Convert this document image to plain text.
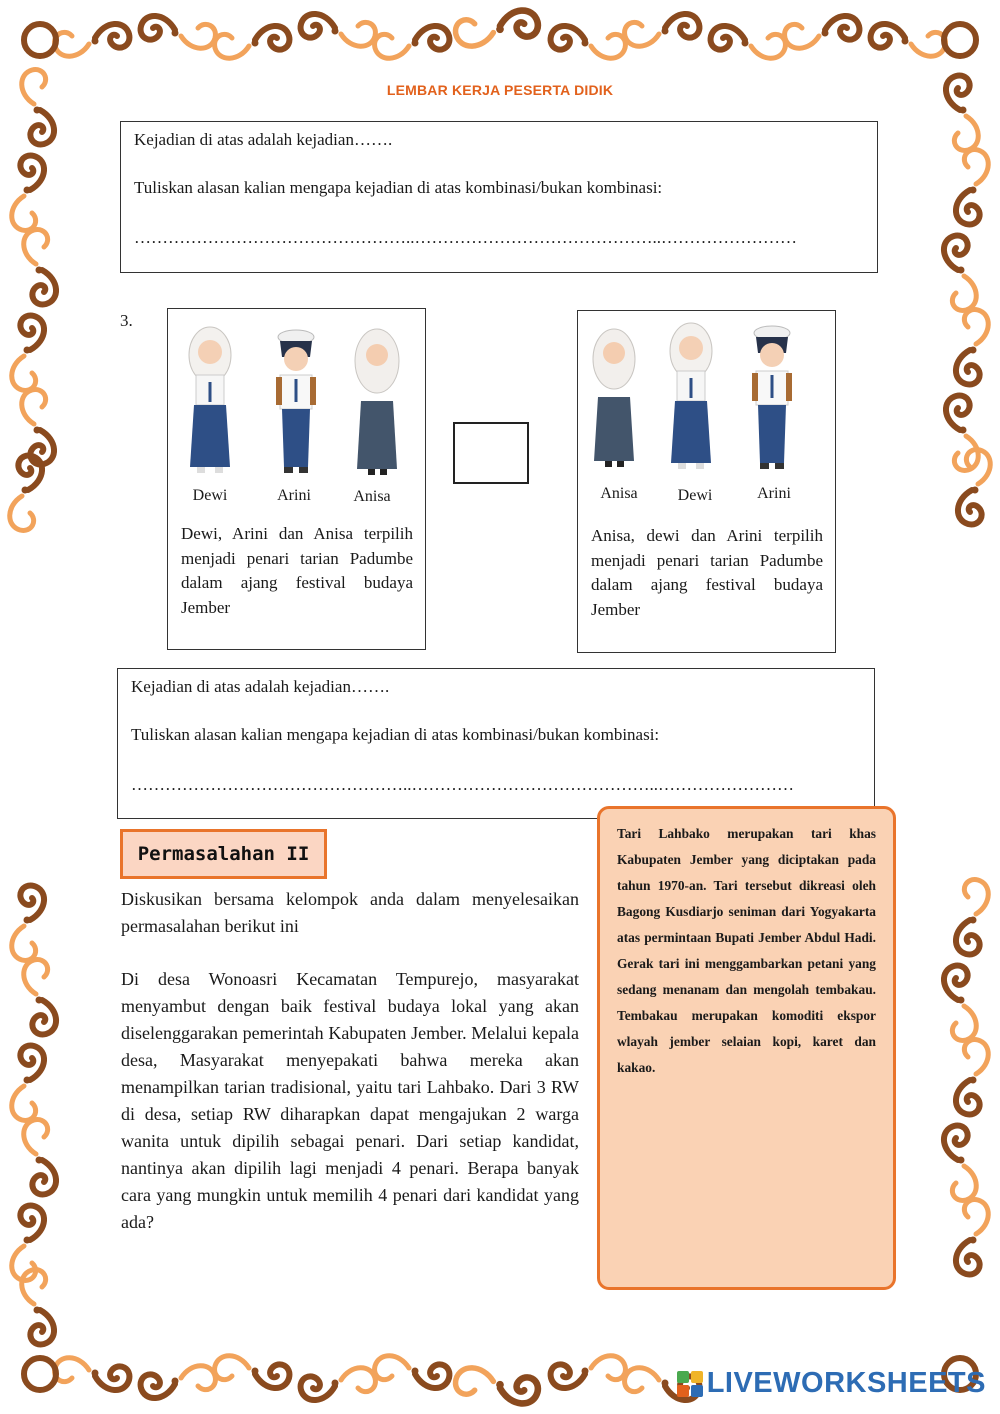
LEMBAR KERJA PESERTA DIDIK

Kejadian di atas adalah kejadian…….

Tuliskan alasan kalian mengapa kejadian di atas kombinasi/bukan kombinasi:

…………………………………………..……………………………………..……………………

3.
Dewi	Arini	Anisa
Dewi, Arini dan Anisa terpilih menjadi penari tarian Padumbe dalam ajang festival budaya Jember
Anisa	Dewi	Arini
Anisa, dewi dan Arini terpilih menjadi penari tarian Padumbe dalam ajang festival budaya Jember

Kejadian di atas adalah kejadian…….

Tuliskan alasan kalian mengapa kejadian di atas kombinasi/bukan kombinasi:

…………………………………………..……………………………………..……………………

Permasalahan II
Diskusikan bersama kelompok anda dalam menyelesaikan permasalahan berikut ini
Di desa Wonoasri Kecamatan Tempurejo, masyarakat menyambut dengan baik festival budaya lokal yang akan diselenggarakan pemerintah Kabupaten Jember. Melalui kepala desa, Masyarakat menyepakati bahwa mereka akan menampilkan tarian tradisional, yaitu tari Lahbako. Dari 3 RW di desa, setiap RW diharapkan dapat mengajukan 2 warga wanita untuk dipilih sebagai penari. Dari setiap kandidat, nantinya akan dipilih lagi menjadi 4 penari. Berapa banyak cara yang mungkin untuk memilih 4 penari dari kandidat yang ada?
Tari Lahbako merupakan tari khas Kabupaten Jember yang diciptakan pada tahun 1970-an. Tari tersebut dikreasi oleh Bagong Kusdiarjo seniman dari Yogyakarta atas permintaan Bupati Jember Abdul Hadi. Gerak tari ini menggambarkan petani yang sedang menanam dan mengolah tembakau. Tembakau merupakan komoditi ekspor wlayah jember selaian kopi, karet dan kakao.
LIVEWORKSHEETS
